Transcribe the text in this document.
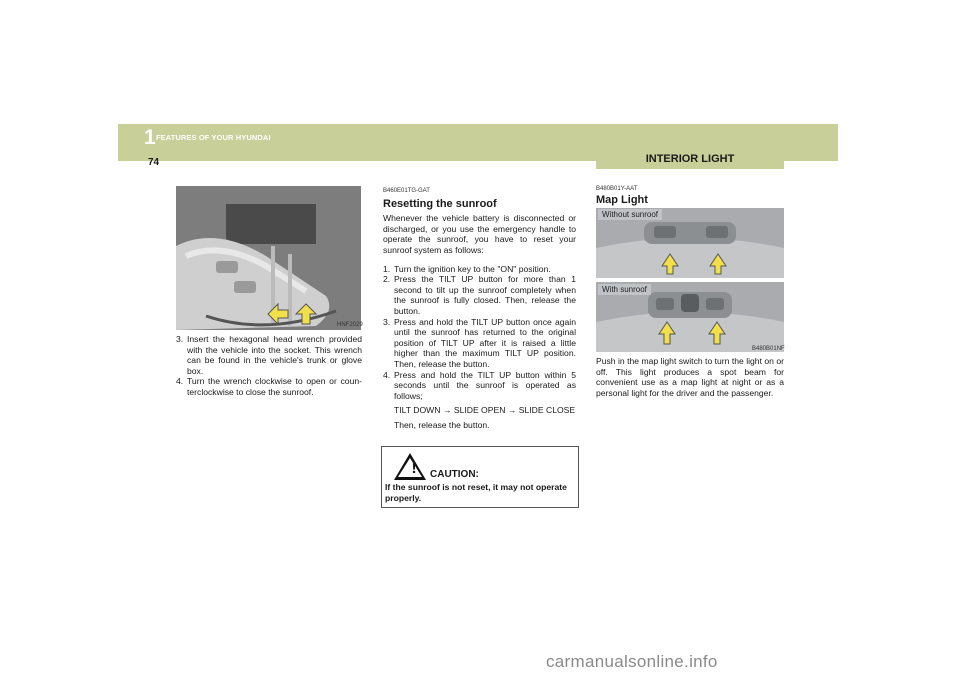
1 FEATURES OF YOUR HYUNDAI
74	INTERIOR LIGHT
HNF2029
3. Insert the hexagonal head wrench provided with the vehicle into the socket. This wrench can be found in the vehicle's trunk or glove box.
4. Turn the wrench clockwise to open or coun- terclockwise to close the sunroof.
B460E01TG-GAT
Resetting the sunroof
Whenever the vehicle battery is disconnected or discharged, or you use the emergency handle to operate the sunroof, you have to reset your sunroof system as follows:
1. Turn the ignition key to the "ON" position.
2. Press the TILT UP button for more than 1 second to tilt up the sunroof completely when the sunroof is fully closed. Then, release the button.
3. Press and hold the TILT UP button once again until the sunroof has returned to the original position of TILT UP after it is raised a little higher than the maximum TILT UP position. Then, release the button.
4. Press and hold the TILT UP button within 5 seconds until the sunroof is operated as follows;
TILT DOWN → SLIDE OPEN → SLIDE CLOSE
Then, release the button.
!	CAUTION:
If the sunroof is not reset, it may not operate properly.
B480B01Y-AAT
Map Light
Without sunroof
With sunroof
B480B01NF
Push in the map light switch to turn the light on or off. This light produces a spot beam for convenient use as a map light at night or as a personal light for the driver and the passenger.
carmanualsonline.info
